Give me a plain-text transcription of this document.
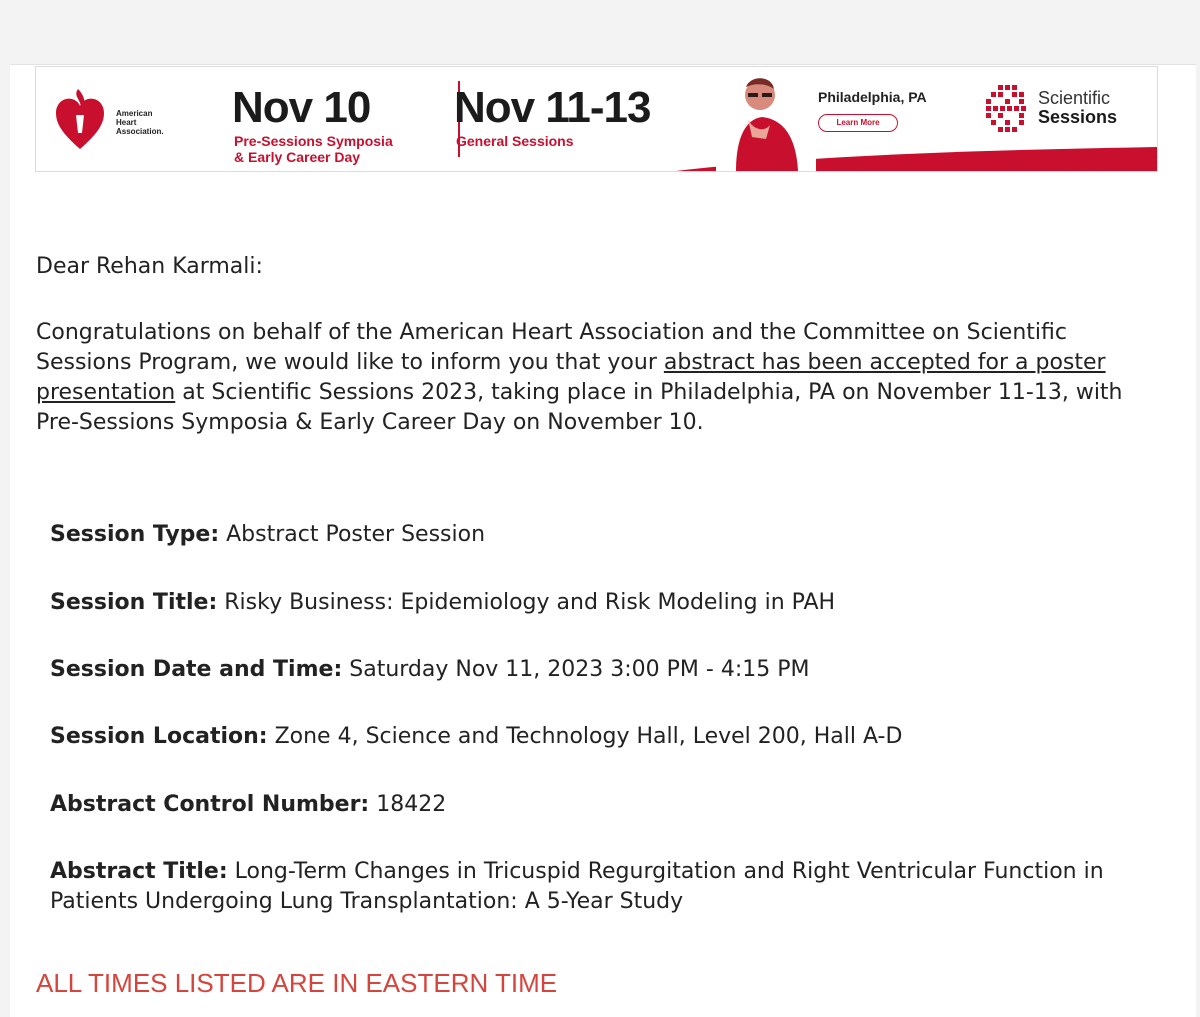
American
Heart
Association. Nov 10
Pre-Sessions Symposia
& Early Career Day
Nov 11-13
General Sessions
Philadelphia, PA
Learn More
Scientific
Sessions
Dear Rehan Karmali:
Congratulations on behalf of the American Heart Association and the Committee on Scientific Sessions Program, we would like to inform you that your abstract has been accepted for a poster presentation at Scientific Sessions 2023, taking place in Philadelphia, PA on November 11-13, with Pre-Sessions Symposia & Early Career Day on November 10.
Session Type: Abstract Poster Session
Session Title: Risky Business: Epidemiology and Risk Modeling in PAH
Session Date and Time: Saturday Nov 11, 2023 3:00 PM - 4:15 PM
Session Location: Zone 4, Science and Technology Hall, Level 200, Hall A-D
Abstract Control Number: 18422
Abstract Title: Long-Term Changes in Tricuspid Regurgitation and Right Ventricular Function in Patients Undergoing Lung Transplantation: A 5-Year Study
ALL TIMES LISTED ARE IN EASTERN TIME
